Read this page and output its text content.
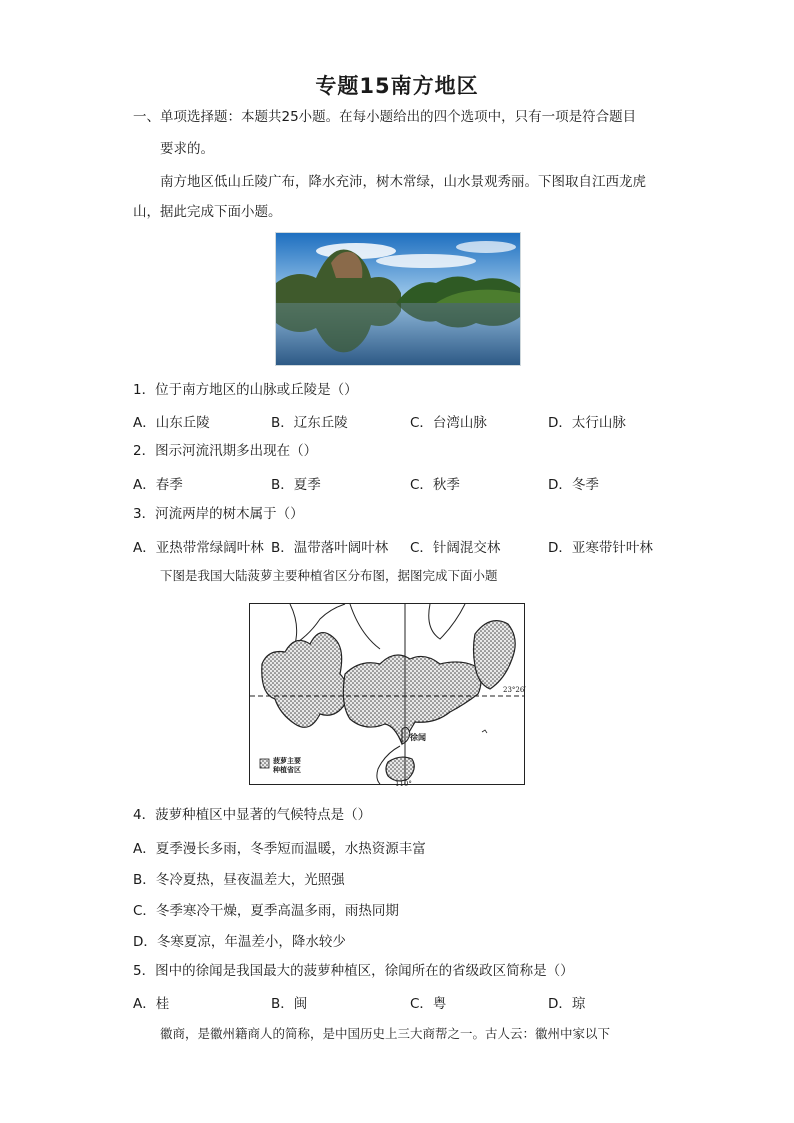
专题15南方地区
一、单项选择题：本题共25小题。在每小题给出的四个选项中，只有一项是符合题目
要求的。
南方地区低山丘陵广布，降水充沛，树木常绿，山水景观秀丽。下图取自江西龙虎
山，据此完成下面小题。
1．位于南方地区的山脉或丘陵是（）
A．山东丘陵	B．辽东丘陵	C．台湾山脉	D．太行山脉
2．图示河流汛期多出现在（）
A．春季	B．夏季	C．秋季	D．冬季
3．河流两岸的树木属于（）
A．亚热带常绿阔叶林 B．温带落叶阔叶林 C．针阔混交林	D．亚寒带针叶林
下图是我国大陆菠萝主要种植省区分布图，据图完成下面小题
23°26′
110°
徐闻
菠萝主要
种植省区
4．菠萝种植区中显著的气候特点是（）
A．夏季漫长多雨，冬季短而温暖，水热资源丰富
B．冬冷夏热，昼夜温差大，光照强
C．冬季寒冷干燥，夏季高温多雨，雨热同期
D．冬寒夏凉，年温差小，降水较少
5．图中的徐闻是我国最大的菠萝种植区，徐闻所在的省级政区简称是（）
A．桂	B．闽	C．粤	D．琼
徽商，是徽州籍商人的简称，是中国历史上三大商帮之一。古人云：徽州中家以下
